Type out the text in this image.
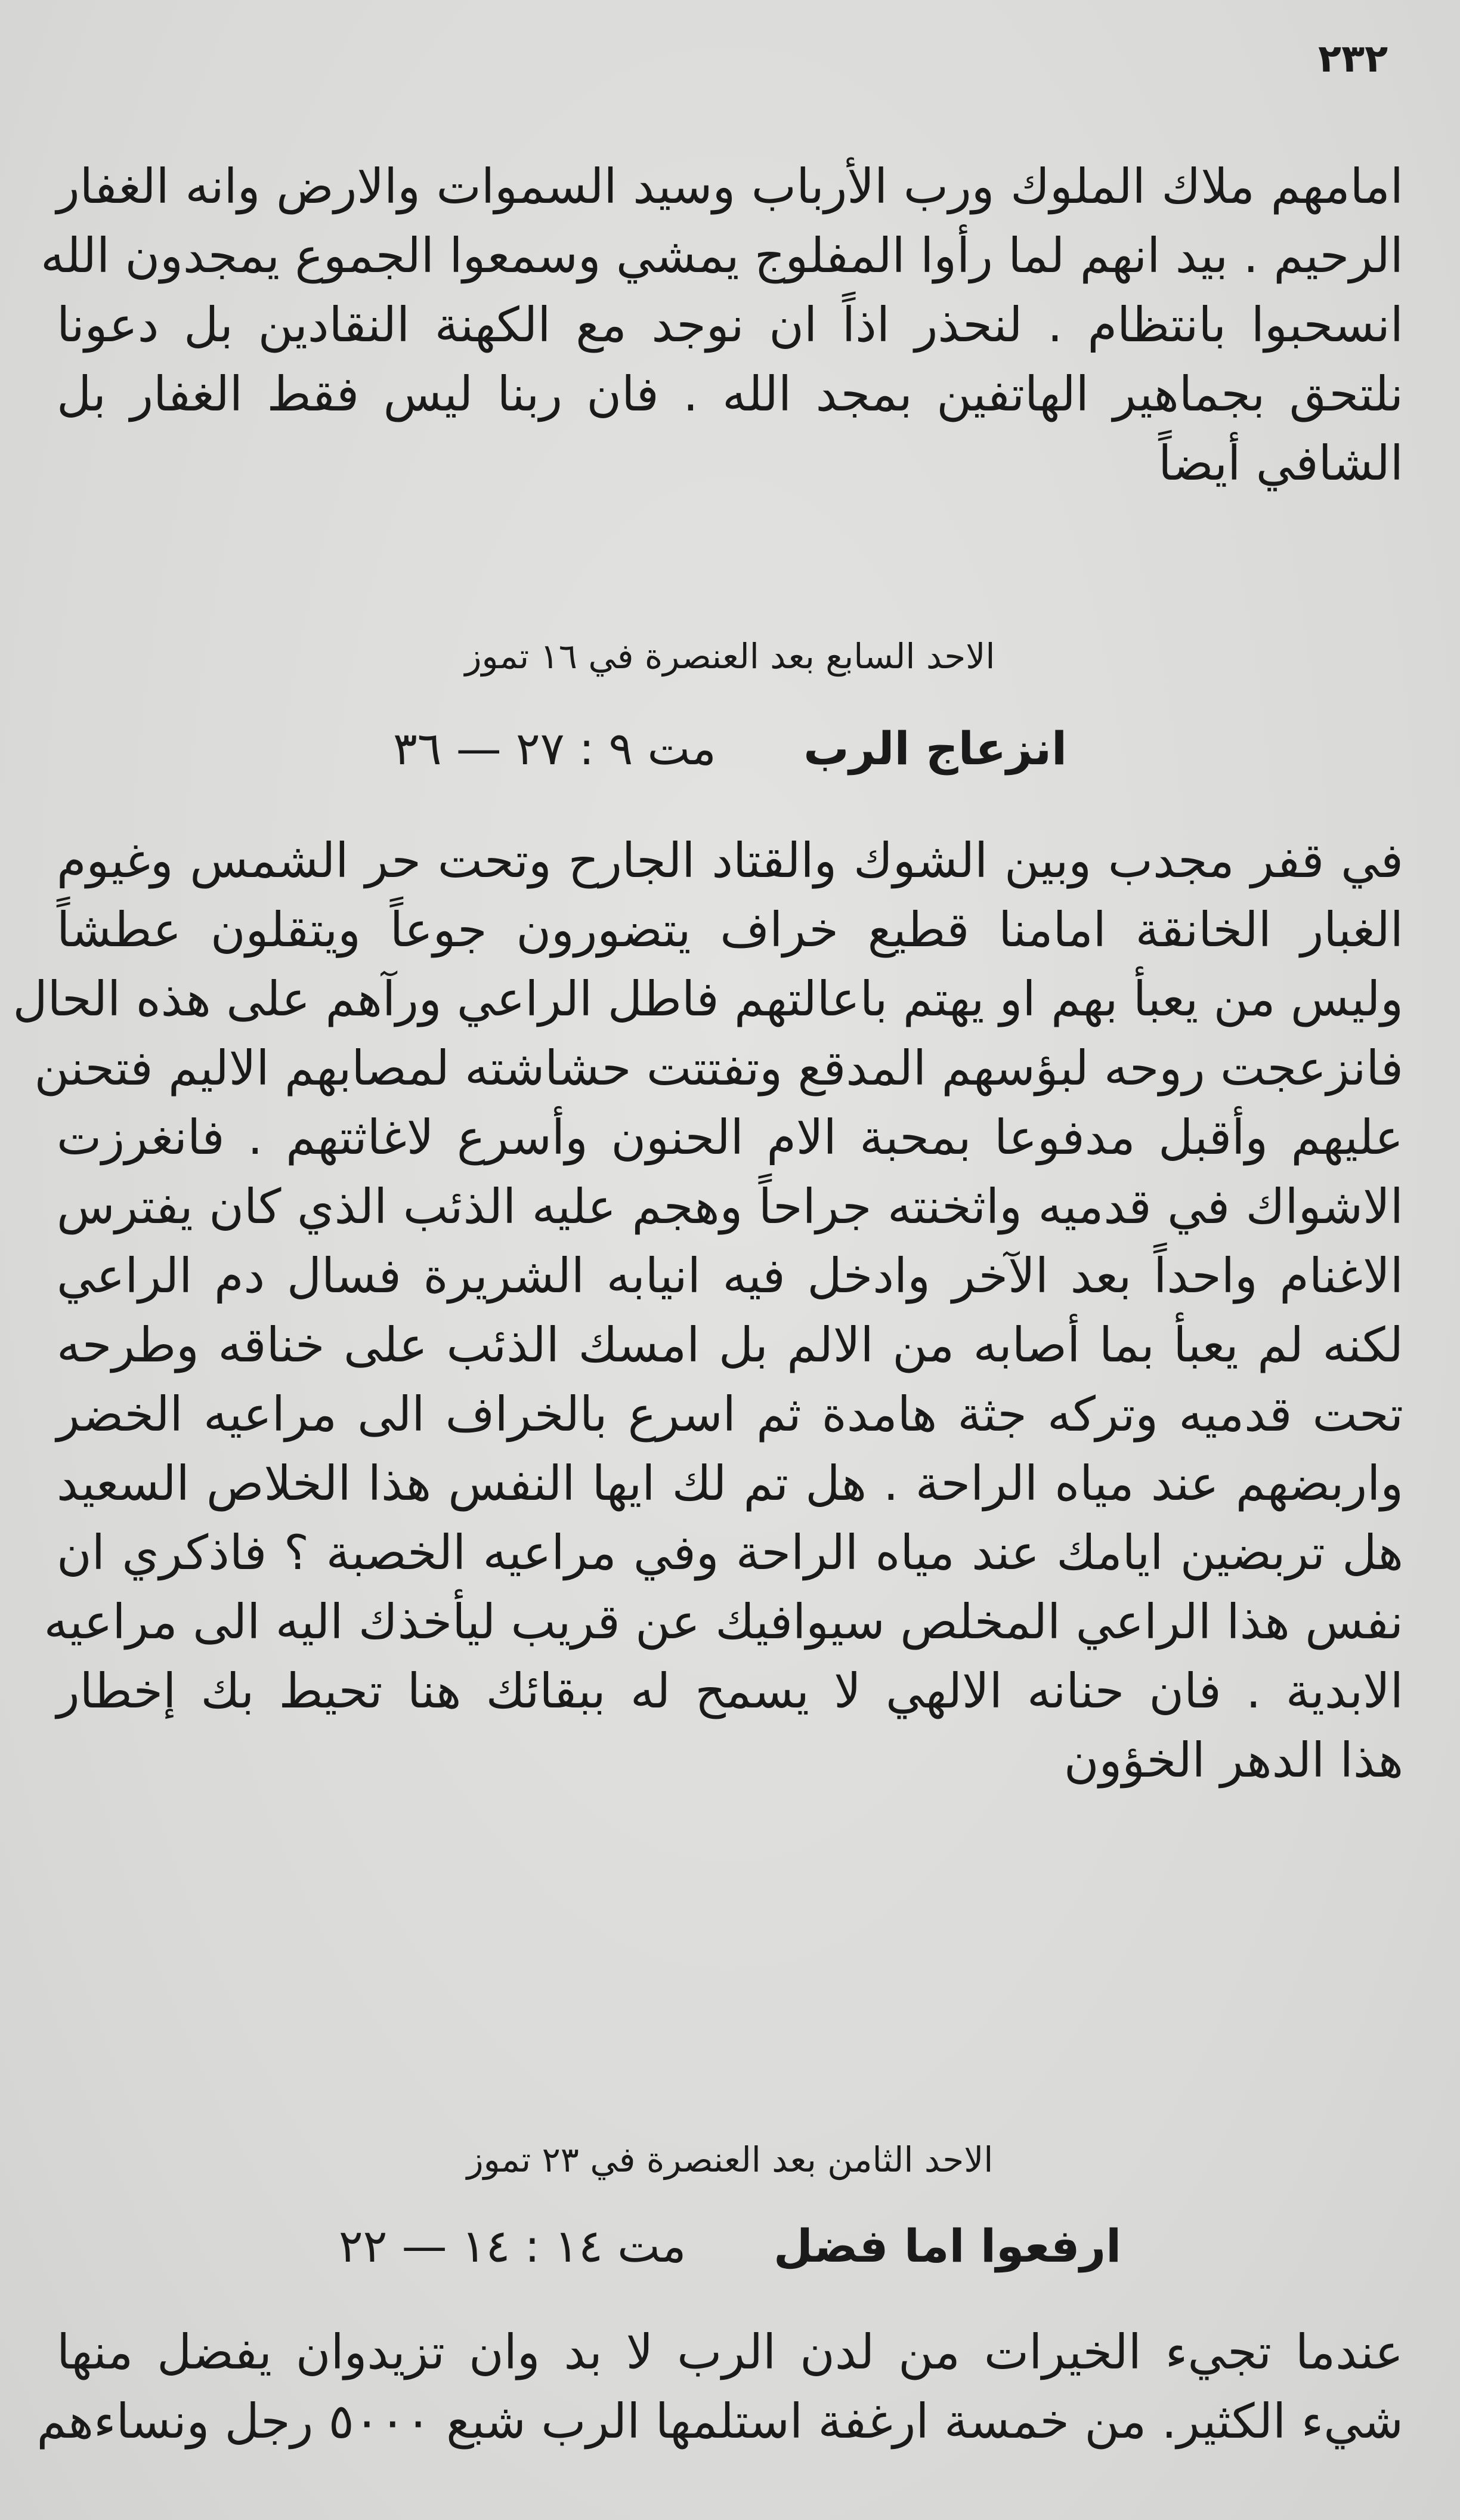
٢٣٢
امامهم ملاك الملوك ورب الأرباب وسيد السموات والارض وانه الغفار
الرحيم . بيد انهم لما رأوا المفلوج يمشي وسمعوا الجموع يمجدون الله
انسحبوا بانتظام . لنحذر اذاً ان نوجد مع الكهنة النقادين بل دعونا
نلتحق بجماهير الهاتفين بمجد الله . فان ربنا ليس فقط الغفار بل
الشافي أيضاً
الاحد السابع بعد العنصرة في ١٦ تموز
انزعاج الرب مت ٩ : ٢٧ — ٣٦
في قفر مجدب وبين الشوك والقتاد الجارح وتحت حر الشمس وغيوم
الغبار الخانقة امامنا قطيع خراف يتضورون جوعاً ويتقلون عطشاً
وليس من يعبأ بهم او يهتم باعالتهم فاطل الراعي ورآهم على هذه الحال
فانزعجت روحه لبؤسهم المدقع وتفتتت حشاشته لمصابهم الاليم فتحنن
عليهم وأقبل مدفوعا بمحبة الام الحنون وأسرع لاغاثتهم . فانغرزت
الاشواك في قدميه واثخنته جراحاً وهجم عليه الذئب الذي كان يفترس
الاغنام واحداً بعد الآخر وادخل فيه انيابه الشريرة فسال دم الراعي
لكنه لم يعبأ بما أصابه من الالم بل امسك الذئب على خناقه وطرحه
تحت قدميه وتركه جثة هامدة ثم اسرع بالخراف الى مراعيه الخضر
واربضهم عند مياه الراحة . هل تم لك ايها النفس هذا الخلاص السعيد
هل تربضين ايامك عند مياه الراحة وفي مراعيه الخصبة ؟ فاذكري ان
نفس هذا الراعي المخلص سيوافيك عن قريب ليأخذك اليه الى مراعيه
الابدية . فان حنانه الالهي لا يسمح له ببقائك هنا تحيط بك إخطار
هذا الدهر الخؤون
الاحد الثامن بعد العنصرة في ٢٣ تموز
ارفعوا اما فضل مت ١٤ : ١٤ — ٢٢
عندما تجيء الخيرات من لدن الرب لا بد وان تزيدوان يفضل منها
شيء الكثير. من خمسة ارغفة استلمها الرب شبع ٥٠٠٠ رجل ونساءهم
